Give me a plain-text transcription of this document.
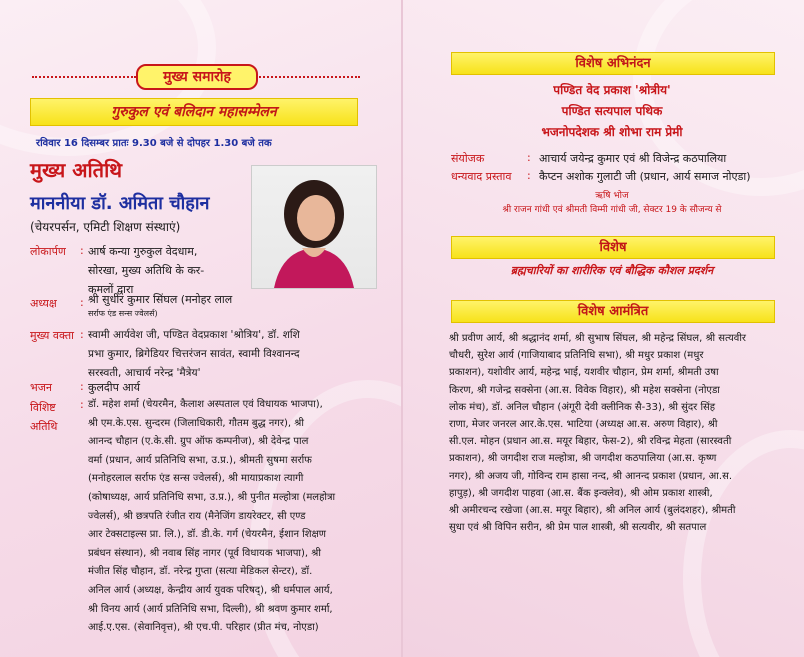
मुख्य समारोह
गुरुकुल एवं बलिदान महासम्मेलन
रविवार 16 दिसम्बर प्रातः 9.30 बजे से दोपहर 1.30 बजे तक
मुख्य अतिथि
माननीया डॉ. अमिता चौहान
(चेयरपर्सन, एमिटी शिक्षण संस्थाएं)
लोकार्पण : आर्ष कन्या गुरुकुल वेदधाम,
सोरखा, मुख्य अतिथि के कर-
कमलों द्वारा
अध्यक्ष : श्री सुधीर कुमार सिंघल (मनोहर लाल
सर्राफ एंड सन्स ज्वेलर्स)
मुख्य वक्ता : स्वामी आर्यवेश जी, पण्डित वेदप्रकाश 'श्रोत्रिय', डॉ. शशि
प्रभा कुमार, ब्रिगेडियर चित्तरंजन सावंत, स्वामी विश्वानन्द
सरस्वती, आचार्य नरेन्द्र 'मैत्रेय'
भजन	: कुलदीप आर्य
विशिष्ट
अतिथि
: डॉ. महेश शर्मा (चेयरमैन, कैलाश अस्पताल एवं विधायक भाजपा),
श्री एम.के.एस. सुन्दरम (जिलाधिकारी, गौतम बुद्ध नगर), श्री
आनन्द चौहान (ए.के.सी. ग्रुप ऑफ कम्पनीज), श्री देवेन्द्र पाल
वर्मा (प्रधान, आर्य प्रतिनिधि सभा, उ.प्र.), श्रीमती सुषमा सर्राफ
(मनोहरलाल सर्राफ एंड सन्स ज्वेलर्स), श्री मायाप्रकाश त्यागी
(कोषाध्यक्ष, आर्य प्रतिनिधि सभा, उ.प्र.), श्री पुनीत मल्होत्रा (मलहोत्रा
ज्वेलर्स), श्री छत्रपति रंजीत राय (मैनेजिंग डायरेक्टर, सी एण्ड
आर टेक्सटाइल्स प्रा. लि.), डॉ. डी.के. गर्ग (चेयरमैन, ईशान शिक्षण
प्रबंधन संस्थान), श्री नवाब सिंह नागर (पूर्व विधायक भाजपा), श्री
मंजीत सिंह चौहान, डॉ. नरेन्द्र गुप्ता (सत्या मेडिकल सेन्टर), डॉ.
अनिल आर्य (अध्यक्ष, केन्द्रीय आर्य युवक परिषद्), श्री धर्मपाल आर्य,
श्री विनय आर्य (आर्य प्रतिनिधि सभा, दिल्ली), श्री श्रवण कुमार शर्मा,
आई.ए.एस. (सेवानिवृत्त), श्री एच.पी. परिहार (प्रीत मंच, नोएडा)
विशेष अभिनंदन
पण्डित वेद प्रकाश 'श्रोत्रीय'
पण्डित सत्यपाल पथिक
भजनोपदेशक श्री शोभा राम प्रेमी
संयोजक	: आचार्य जयेन्द्र कुमार एवं श्री विजेन्द्र कठपालिया
धन्यवाद प्रस्ताव : कैप्टन अशोक गुलाटी जी (प्रधान, आर्य समाज नोएडा)
ऋषि भोज
श्री राजन गांधी एवं श्रीमती विम्मी गांधी जी, सेक्टर 19 के सौजन्य से
विशेष
ब्रह्मचारियों का शारीरिक एवं बौद्धिक कौशल प्रदर्शन
विशेष आमंत्रित
श्री प्रवीण आर्य, श्री श्रद्धानंद शर्मा, श्री सुभाष सिंघल, श्री महेन्द्र सिंघल, श्री सत्यवीर
चौधरी, सुरेश आर्य (गाजियाबाद प्रतिनिधि सभा), श्री मधुर प्रकाश (मधुर
प्रकाशन), यशोवीर आर्य, महेन्द्र भाई, यशवीर चौहान, प्रेम शर्मा, श्रीमती उषा
किरण, श्री गजेन्द्र सक्सेना (आ.स. विवेक विहार), श्री महेश सक्सेना (नोएडा
लोक मंच), डॉ. अनिल चौहान (अंगूरी देवी क्लीनिक सै-33), श्री सुंदर सिंह
राणा, मेजर जनरल आर.के.एस. भाटिया (अध्यक्ष आ.स. अरुण विहार), श्री
सी.एल. मोहन (प्रधान आ.स. मयूर बिहार, फेस-2), श्री रविन्द्र मेहता (सारस्वती
प्रकाशन), श्री जगदीश राज मल्होत्रा, श्री जगदीश कठपालिया (आ.स. कृष्ण
नगर), श्री अजय जी, गोविन्द राम हासा नन्द, श्री आनन्द प्रकाश (प्रधान, आ.स.
हापुड़), श्री जगदीश पाहवा (आ.स. बैंक इन्क्लेव), श्री ओम प्रकाश शास्त्री,
श्री अमीरचन्द रखेजा (आ.स. मयूर बिहार), श्री अनिल आर्य (बुलंदशहर), श्रीमती
सुधा एवं श्री विपिन सरीन, श्री प्रेम पाल शास्त्री, श्री सत्यवीर, श्री सतपाल
